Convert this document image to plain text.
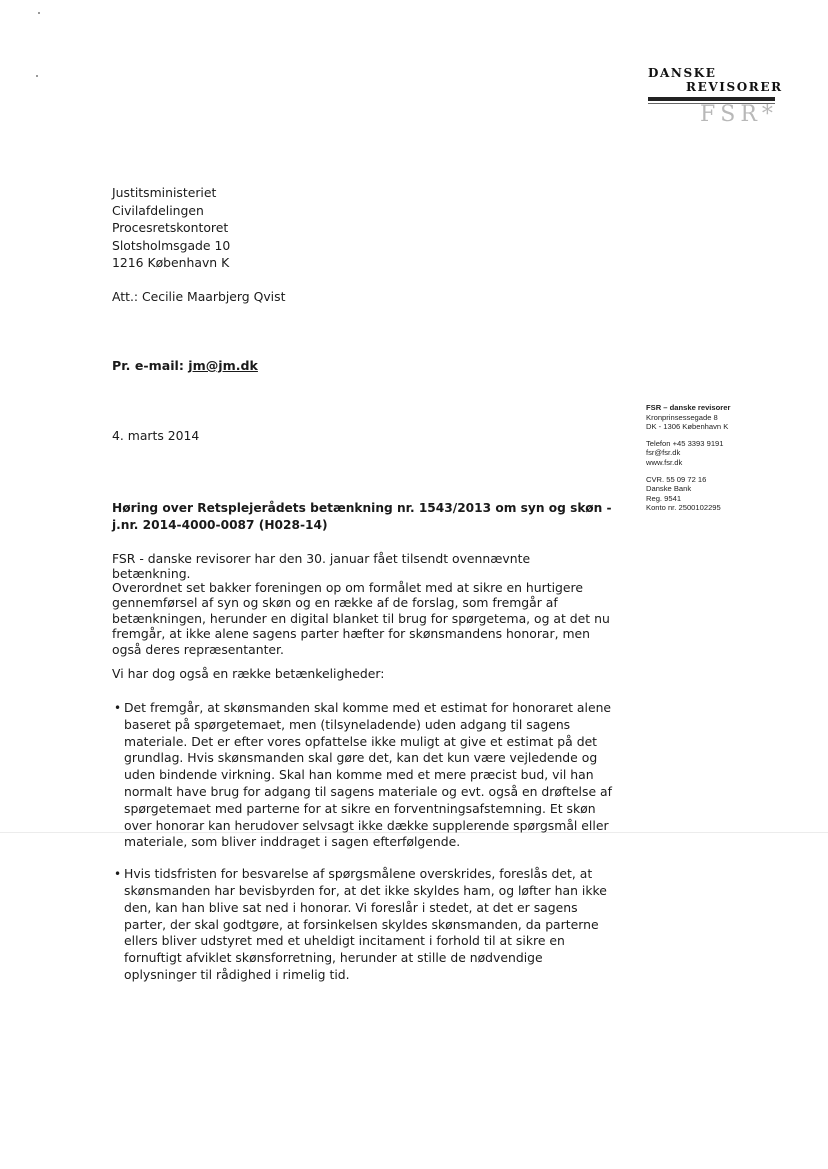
DANSKE
REVISORER
FSR*
Justitsministeriet
Civilafdelingen
Procesretskontoret
Slotsholmsgade 10
1216 København K
Att.: Cecilie Maarbjerg Qvist
Pr. e-mail: jm@jm.dk
4. marts 2014
FSR – danske revisorer
Kronprinsessegade 8
DK - 1306 København K
Telefon +45 3393 9191
fsr@fsr.dk
www.fsr.dk
CVR. 55 09 72 16
Danske Bank
Reg. 9541
Konto nr. 2500102295
Høring over Retsplejerådets betænkning nr. 1543/2013 om syn og skøn - j.nr. 2014-4000-0087 (H028-14)

FSR - danske revisorer har den 30. januar fået tilsendt ovennævnte betænkning.

Overordnet set bakker foreningen op om formålet med at sikre en hurtigere gennemførsel af syn og skøn og en række af de forslag, som fremgår af betænkningen, herunder en digital blanket til brug for spørgetema, og at det nu fremgår, at ikke alene sagens parter hæfter for skønsmandens honorar, men også deres repræsentanter.

Vi har dog også en række betænkeligheder:

• Det fremgår, at skønsmanden skal komme med et estimat for honoraret alene baseret på spørgetemaet, men (tilsyneladende) uden adgang til sagens materiale. Det er efter vores opfattelse ikke muligt at give et estimat på det grundlag. Hvis skønsmanden skal gøre det, kan det kun være vejledende og uden bindende virkning. Skal han komme med et mere præcist bud, vil han normalt have brug for adgang til sagens materiale og evt. også en drøftelse af spørgetemaet med parterne for at sikre en forventningsafstemning. Et skøn over honorar kan herudover selvsagt ikke dække supplerende spørgsmål eller materiale, som bliver inddraget i sagen efterfølgende.
• Hvis tidsfristen for besvarelse af spørgsmålene overskrides, foreslås det, at skønsmanden har bevisbyrden for, at det ikke skyldes ham, og løfter han ikke den, kan han blive sat ned i honorar. Vi foreslår i stedet, at det er sagens parter, der skal godtgøre, at forsinkelsen skyldes skønsmanden, da parterne ellers bliver udstyret med et uheldigt incitament i forhold til at sikre en fornuftigt afviklet skønsforretning, herunder at stille de nødvendige oplysninger til rådighed i rimelig tid.
